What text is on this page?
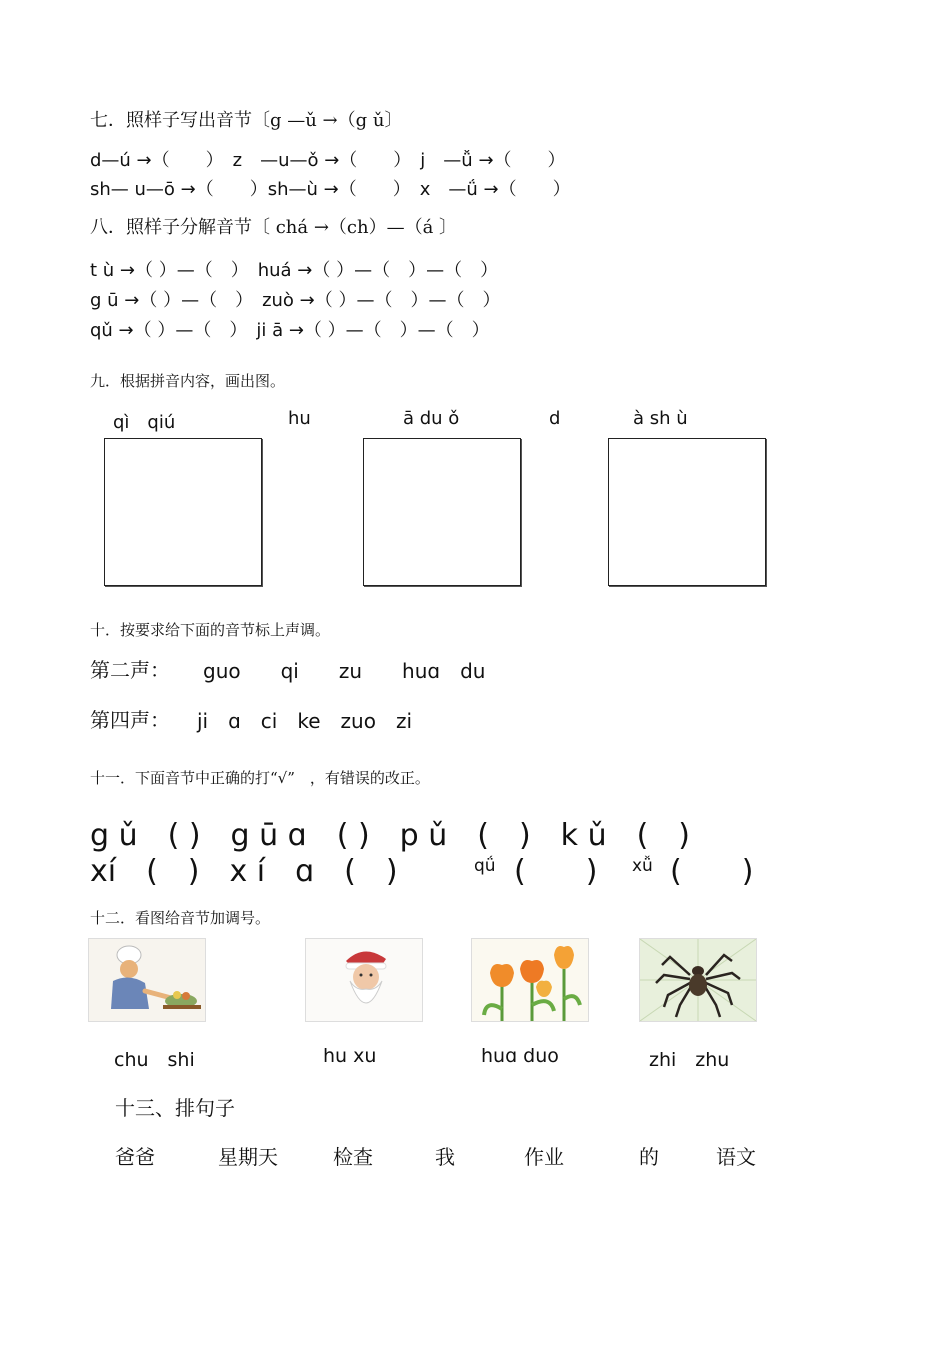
七．照样子写出音节〔g —ǔ →（g ǔ〕
d—ú →（　　）　z　—u—ǒ →（　　）　j　—ǚ →（　　）
sh— u—ō →（　　）sh—ù →（　　）　x　—ǘ →（　　）
八．照样子分解音节〔 chá →（ch）—（á 〕
t ù →（ ）—（　）　huá →（ ）—（　）—（　）
g ū →（ ）—（　）　zuò →（ ）—（　）—（　）
qǔ →（ ）—（　）　ji ā →（ ）—（　）—（　）
九．根据拼音内容，画出图。
qì　qiú	hu	ā du ǒ	d	à sh ù
十．按要求给下面的音节标上声调。
第二声： guo　　qi　　zu　　huɑ　du
第四声： ji　ɑ　ci　ke　zuo　zi
十一．下面音节中正确的打“√”　，有错误的改正。
g ǔ　( )　g ū ɑ　( )　p ǔ　(　)　k ǔ　(　)
xí　(　)　x í　ɑ　(　)	qǘ (　　) xǚ (　　)
十二．看图给音节加调号。
chu　shi	hu xu	huɑ duo	zhi　zhu
十三、排句子
爸爸	星期天	检查	我	作业	的	语文
